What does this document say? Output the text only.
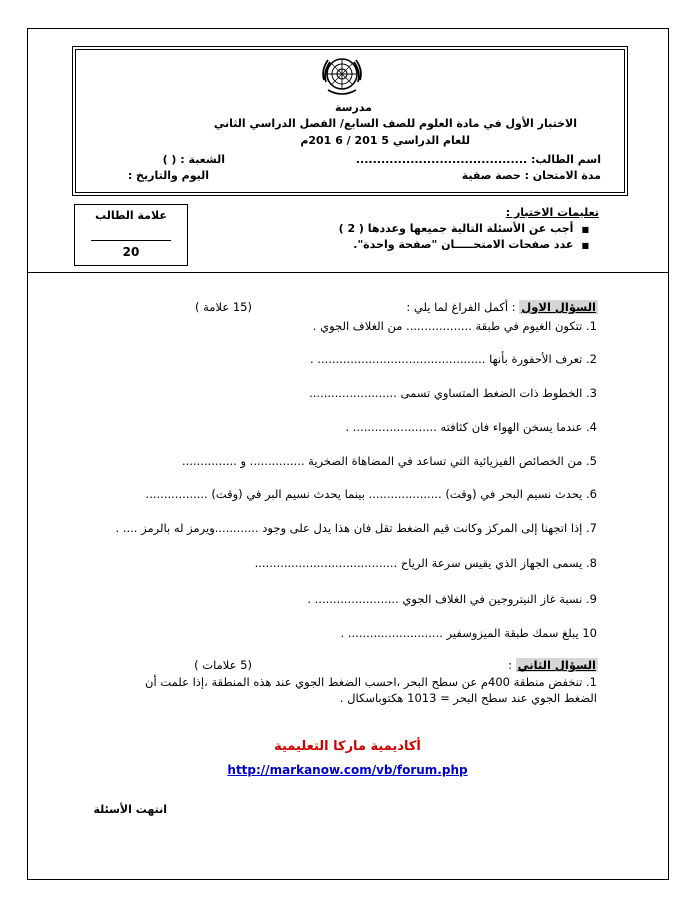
مدرسة
الاختبار الأول في مادة العلوم للصف السابع/ الفصل الدراسي الثاني
للعام الدراسي 5 201 / 6 201م
اسم الطالب: .........................................
الشعبة : ( )
مدة الامتحان : حصة صفية
اليوم والتاريخ :
تعليمات الاختبار :
■أجب عن الأسئلة التالية جميعها وعددها ( 2 )
■عدد صفحات الامتحـــــان "صفحة واحدة".
علامة الطالب
20
السؤال الاول : أكمل الفراغ لما يلي :
(15 علامة )
1. تتكون الغيوم في طبقة .................. من الغلاف الجوي .
2. تعرف الأحفورة بأنها .............................................. .
3. الخطوط ذات الضغط المتساوي تسمى ........................
4. عندما يسخن الهواء فان كثافته ....................... .
5. من الخصائص الفيزيائية التي تساعد في المضاهاة الصخرية ............... و ...............
6. يحدث نسيم البحر في (وقت) .................... بينما يحدث نسيم البر في (وقت) .................
7. إذا اتجهنا إلى المركز وكانت قيم الضغط تقل فان هذا يدل على وجود ............ويرمز له بالرمز .... .
8. يسمى الجهاز الذي يقيس سرعة الرياح .......................................
9. نسبة غاز النيتروجين في الغلاف الجوي ....................... .
10 يبلغ سمك طبقة الميزوسفير .......................... .
السؤال الثاني :
(5 علامات )
1. تنخفض منطقة 400م عن سطح البحر ،احسب الضغط الجوي عند هذه المنطقة ،إذا علمت أن
الضغط الجوي عند سطح البحر = 1013 هكتوباسكال .
أكاديمية ماركا التعليمية
http://markanow.com/vb/forum.php
انتهت الأسئلة
